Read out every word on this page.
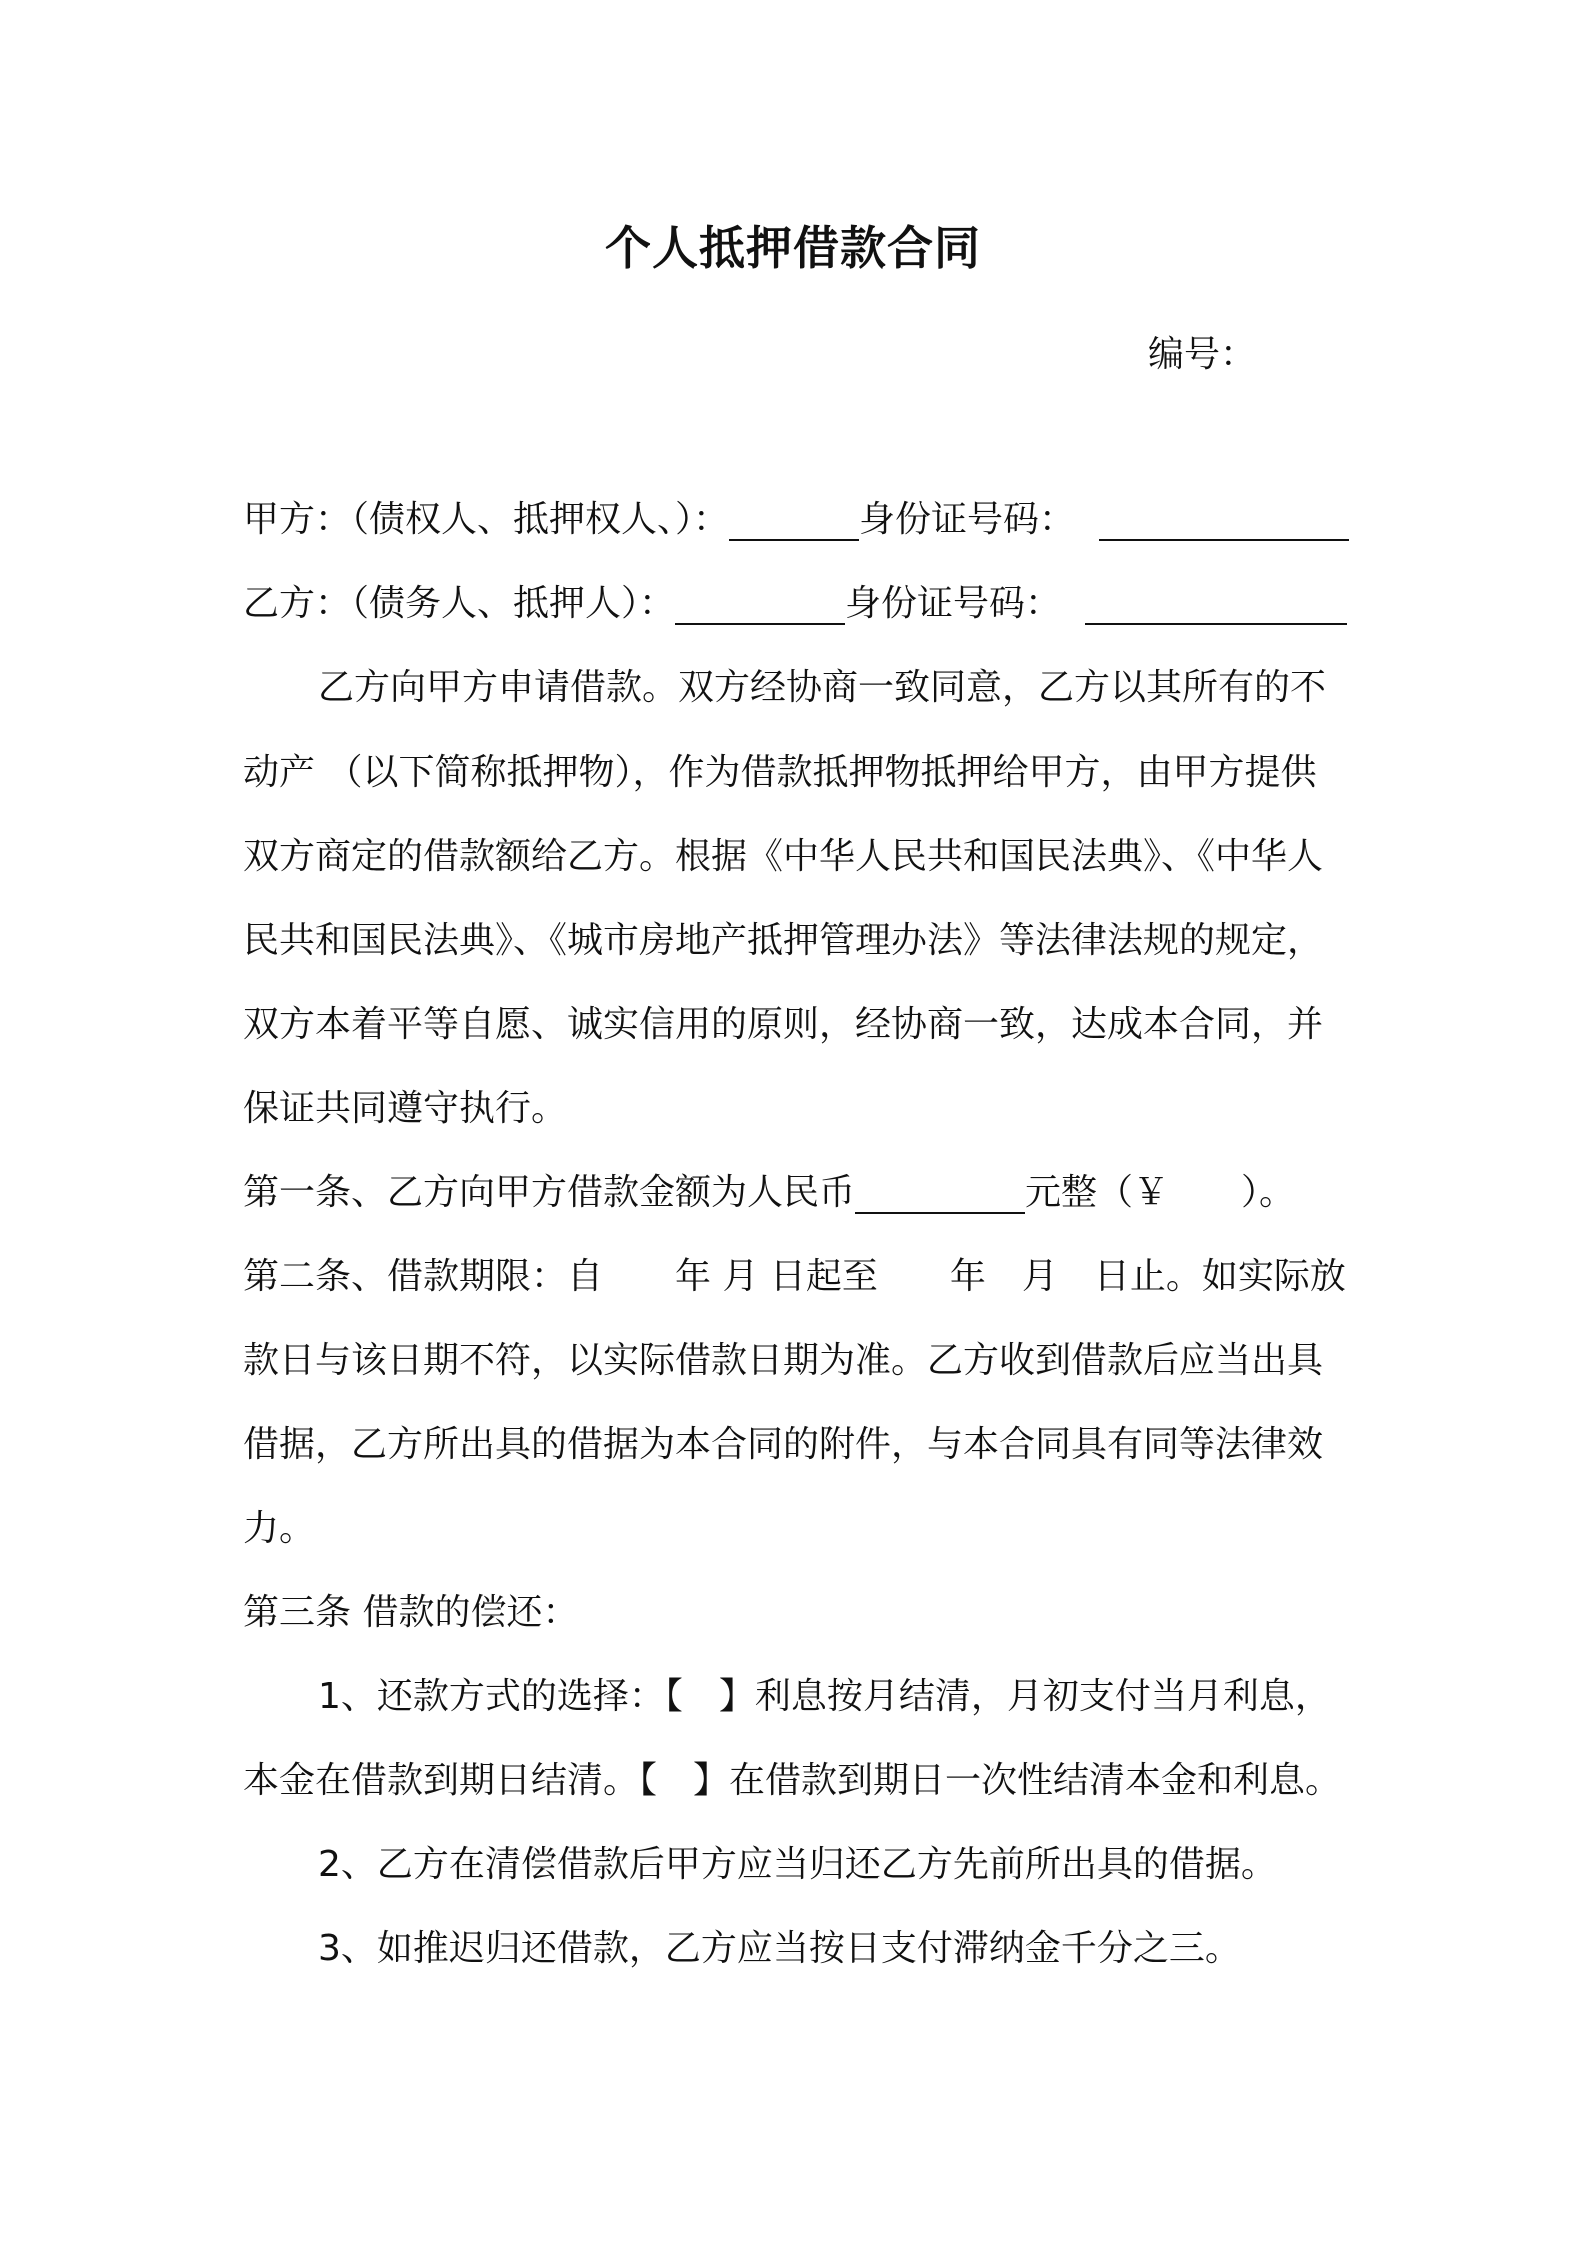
个人抵押借款合同
编号：
甲方：（债权人、抵押权人、）：	身份证号码：
乙方：（债务人、抵押人）：	身份证号码：
乙方向甲方申请借款。双方经协商一致同意，乙方以其所有的不
动产 （以下简称抵押物），作为借款抵押物抵押给甲方，由甲方提供
双方商定的借款额给乙方。根据《中华人民共和国民法典》、《中华人
民共和国民法典》、《城市房地产抵押管理办法》等法律法规的规定，
双方本着平等自愿、诚实信用的原则，经协商一致，达成本合同，并
保证共同遵守执行。
第一条、乙方向甲方借款金额为人民币	元整（￥　　）。
第二条、借款期限：自　　年 月 日起至　　年　月　日止。如实际放
款日与该日期不符，以实际借款日期为准。乙方收到借款后应当出具
借据，乙方所出具的借据为本合同的附件，与本合同具有同等法律效
力。
第三条 借款的偿还：
1、还款方式的选择：【 】利息按月结清，月初支付当月利息，
本金在借款到期日结清。【 】在借款到期日一次性结清本金和利息。
2、乙方在清偿借款后甲方应当归还乙方先前所出具的借据。
3、如推迟归还借款，乙方应当按日支付滞纳金千分之三。
